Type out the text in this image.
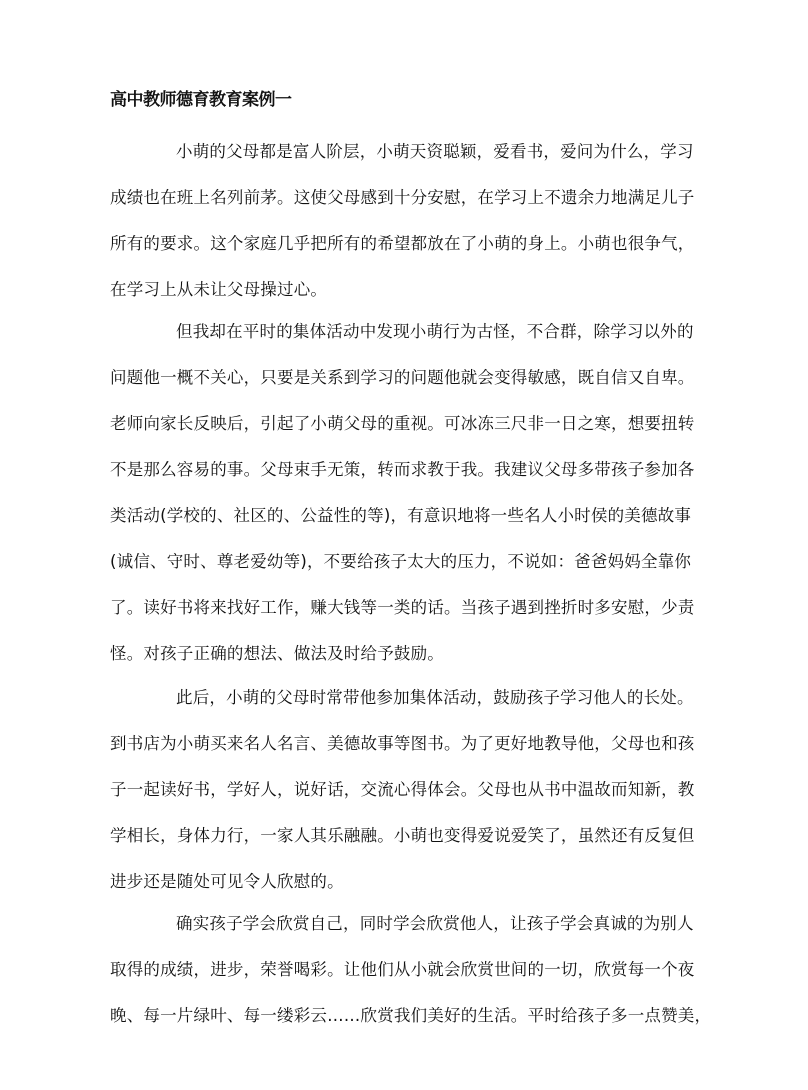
高中教师德育教育案例一
小萌的父母都是富人阶层，小萌天资聪颖，爱看书，爱问为什么，学习
成绩也在班上名列前茅。这使父母感到十分安慰，在学习上不遗余力地满足儿子
所有的要求。这个家庭几乎把所有的希望都放在了小萌的身上。小萌也很争气，
在学习上从未让父母操过心。
但我却在平时的集体活动中发现小萌行为古怪，不合群，除学习以外的
问题他一概不关心，只要是关系到学习的问题他就会变得敏感，既自信又自卑。
老师向家长反映后，引起了小萌父母的重视。可冰冻三尺非一日之寒，想要扭转
不是那么容易的事。父母束手无策，转而求教于我。我建议父母多带孩子参加各
类活动(学校的、社区的、公益性的等)，有意识地将一些名人小时侯的美德故事
(诚信、守时、尊老爱幼等)，不要给孩子太大的压力，不说如：爸爸妈妈全靠你
了。读好书将来找好工作，赚大钱等一类的话。当孩子遇到挫折时多安慰，少责
怪。对孩子正确的想法、做法及时给予鼓励。
此后，小萌的父母时常带他参加集体活动，鼓励孩子学习他人的长处。
到书店为小萌买来名人名言、美德故事等图书。为了更好地教导他，父母也和孩
子一起读好书，学好人，说好话，交流心得体会。父母也从书中温故而知新，教
学相长，身体力行，一家人其乐融融。小萌也变得爱说爱笑了，虽然还有反复但
进步还是随处可见令人欣慰的。
确实孩子学会欣赏自己，同时学会欣赏他人，让孩子学会真诚的为别人
取得的成绩，进步，荣誉喝彩。让他们从小就会欣赏世间的一切，欣赏每一个夜
晚、每一片绿叶、每一缕彩云……欣赏我们美好的生活。平时给孩子多一点赞美，
